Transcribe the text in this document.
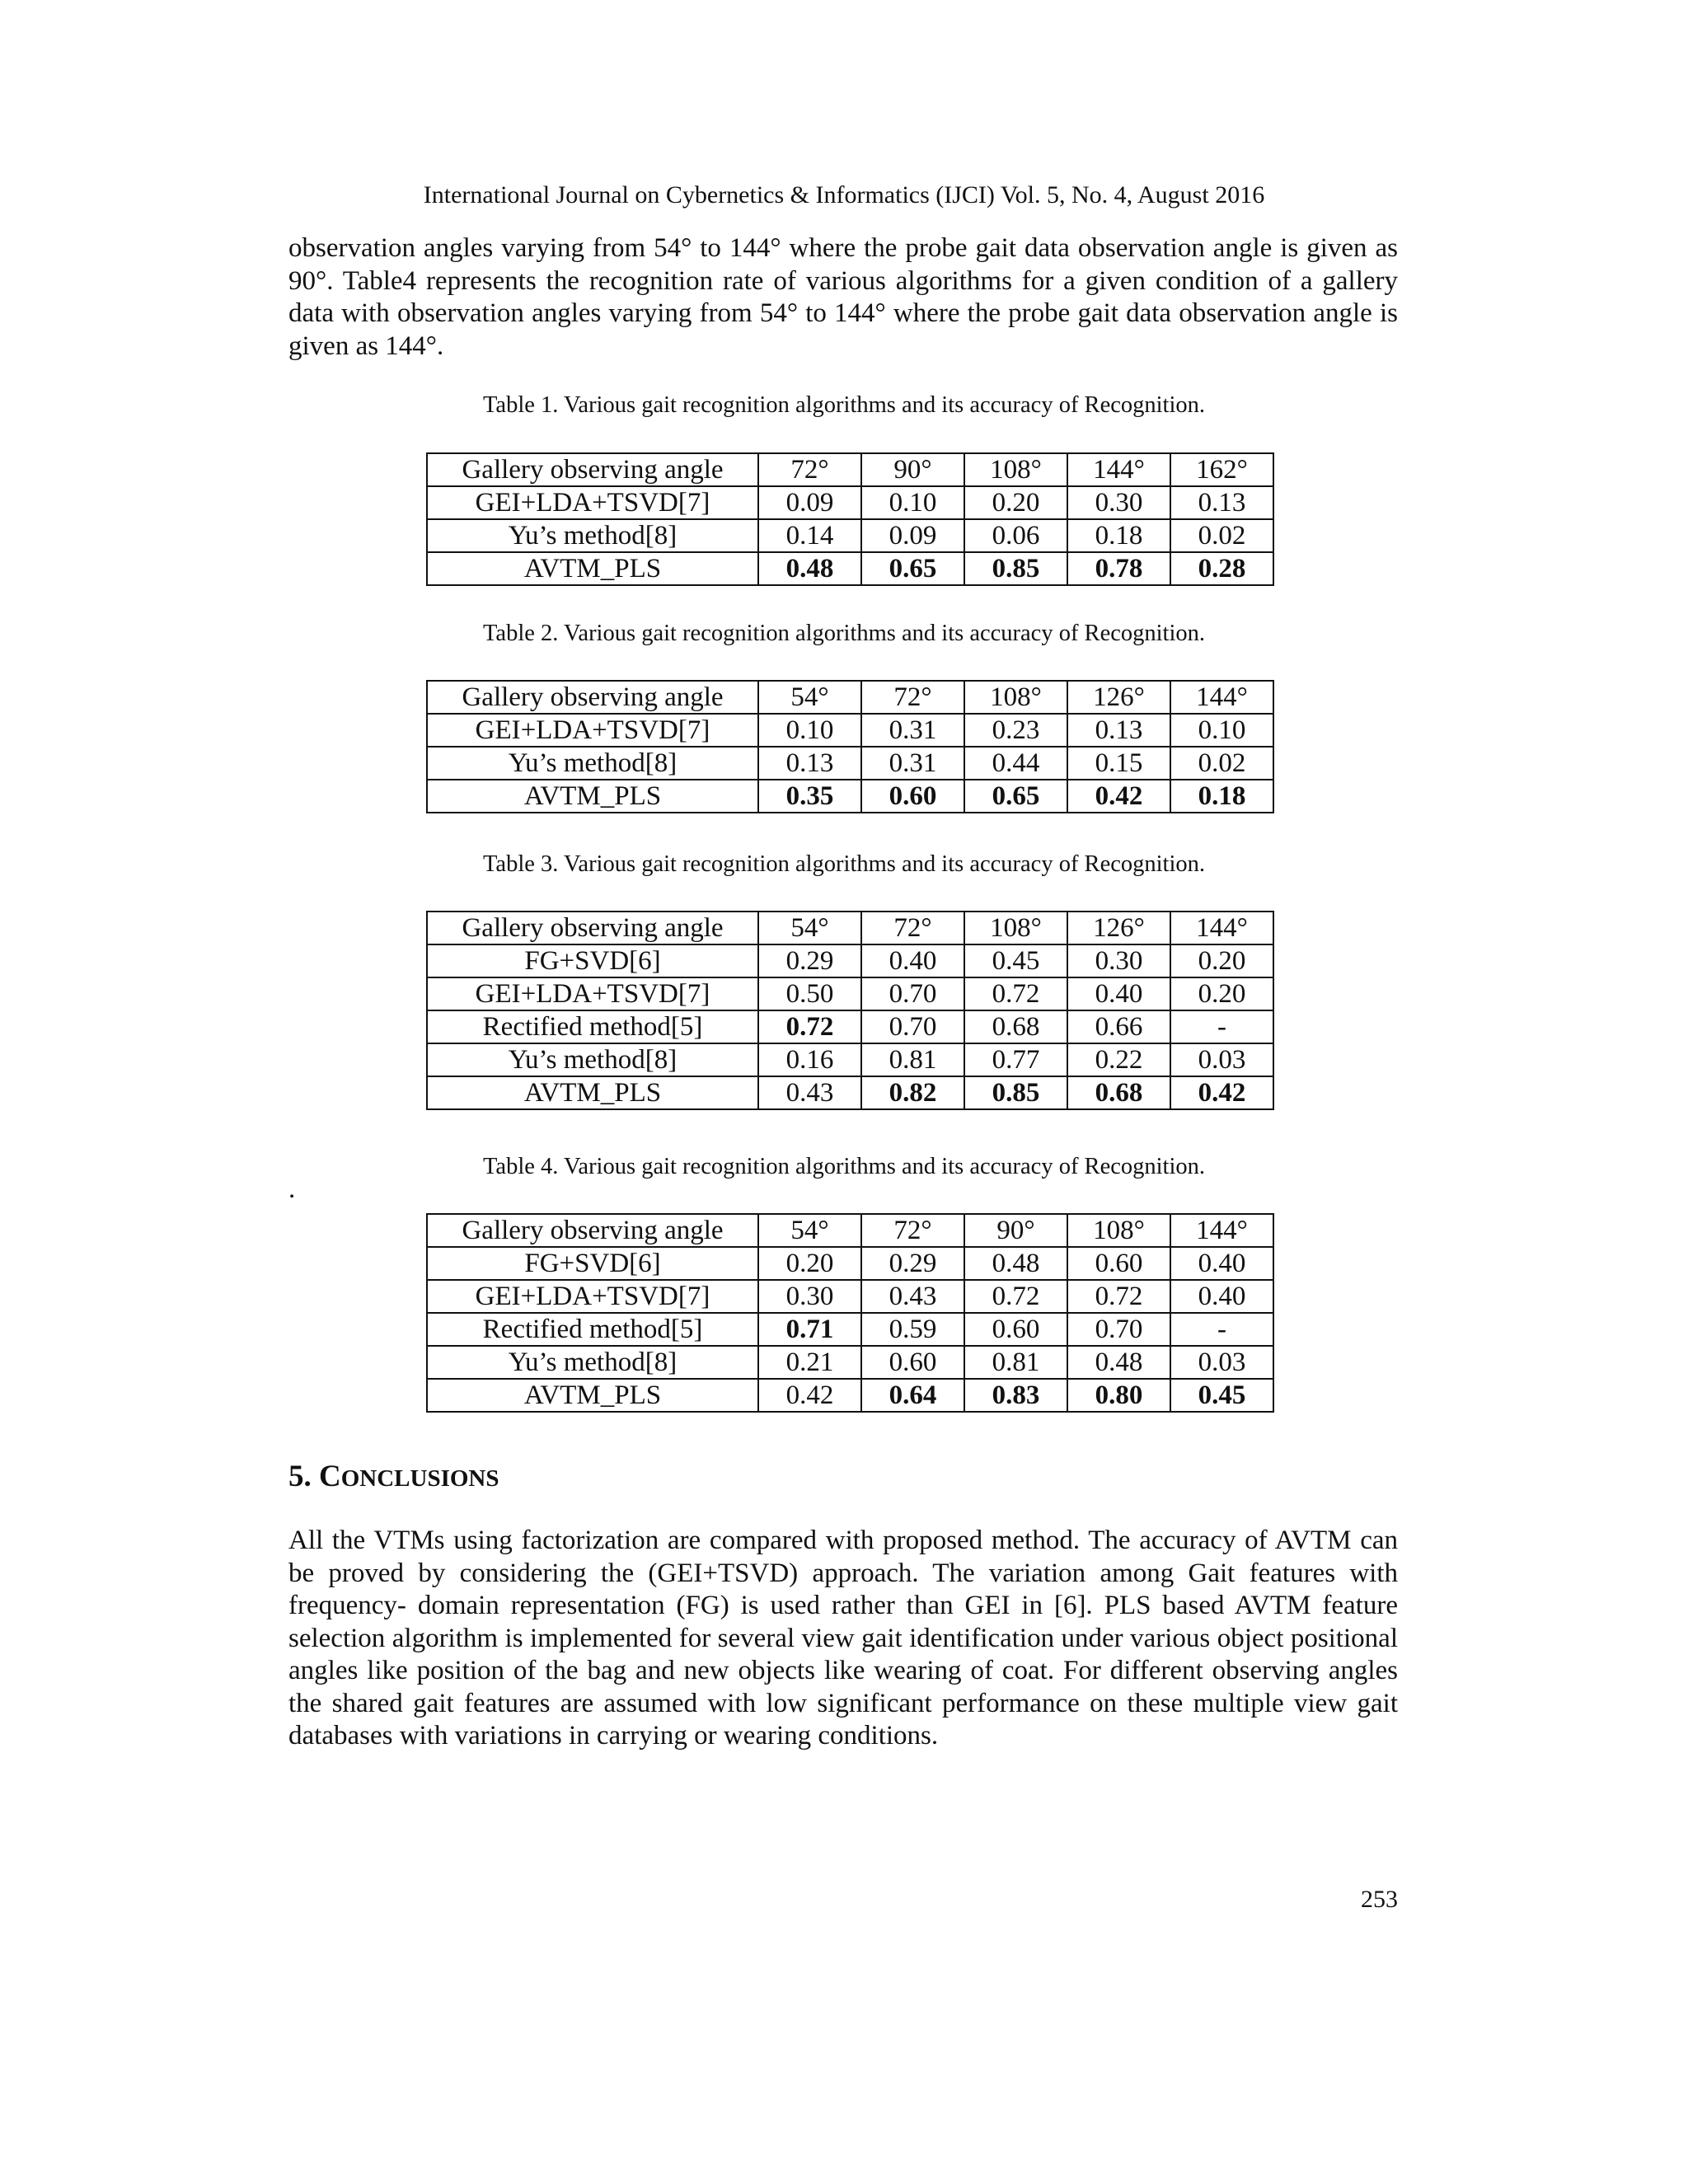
International Journal on Cybernetics & Informatics (IJCI) Vol. 5, No. 4, August 2016

observation angles varying from 54° to 144° where the probe gait data observation angle is given as 90°. Table4 represents the recognition rate of various algorithms for a given condition of a gallery data with observation angles varying from 54° to 144° where the probe gait data observation angle is given as 144°.

Table 1. Various gait recognition algorithms and its accuracy of Recognition.
Gallery observing angle	72°	90°	108°	144°	162°
GEI+LDA+TSVD[7]	0.09	0.10	0.20	0.30	0.13
Yu’s method[8]	0.14	0.09	0.06	0.18	0.02
AVTM_PLS	0.48	0.65	0.85	0.78	0.28
Table 2. Various gait recognition algorithms and its accuracy of Recognition.
Gallery observing angle	54°	72°	108°	126°	144°
GEI+LDA+TSVD[7]	0.10	0.31	0.23	0.13	0.10
Yu’s method[8]	0.13	0.31	0.44	0.15	0.02
AVTM_PLS	0.35	0.60	0.65	0.42	0.18
Table 3. Various gait recognition algorithms and its accuracy of Recognition.
Gallery observing angle	54°	72°	108°	126°	144°
FG+SVD[6]	0.29	0.40	0.45	0.30	0.20
GEI+LDA+TSVD[7]	0.50	0.70	0.72	0.40	0.20
Rectified method[5]	0.72	0.70	0.68	0.66	-
Yu’s method[8]	0.16	0.81	0.77	0.22	0.03
AVTM_PLS	0.43	0.82	0.85	0.68	0.42
Table 4. Various gait recognition algorithms and its accuracy of Recognition.
.
Gallery observing angle	54°	72°	90°	108°	144°
FG+SVD[6]	0.20	0.29	0.48	0.60	0.40
GEI+LDA+TSVD[7]	0.30	0.43	0.72	0.72	0.40
Rectified method[5]	0.71	0.59	0.60	0.70	-
Yu’s method[8]	0.21	0.60	0.81	0.48	0.03
AVTM_PLS	0.42	0.64	0.83	0.80	0.45
5. CONCLUSIONS

All the VTMs using factorization are compared with proposed method. The accuracy of AVTM can be proved by considering the (GEI+TSVD) approach. The variation among Gait features with frequency- domain representation (FG) is used rather than GEI in [6]. PLS based AVTM feature selection algorithm is implemented for several view gait identification under various object positional angles like position of the bag and new objects like wearing of coat. For different observing angles the shared gait features are assumed with low significant performance on these multiple view gait databases with variations in carrying or wearing conditions.

253
